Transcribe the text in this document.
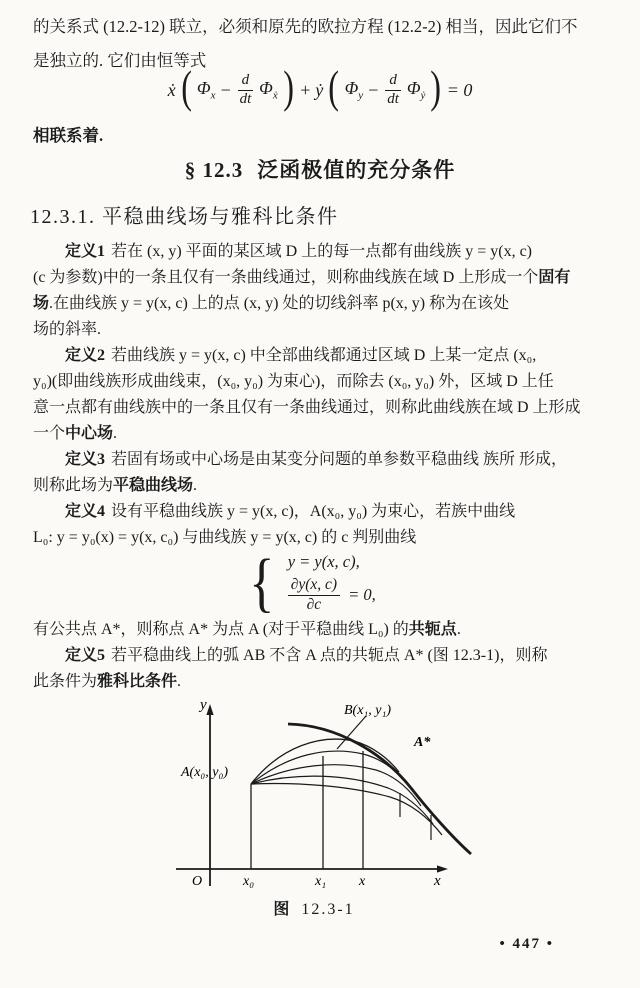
的关系式 (12.2-12) 联立，必须和原先的欧拉方程 (12.2-2) 相当，因此它们不
是独立的. 它们由恒等式
ẋ ( $\Phi_x - \frac{d}{dt} \Phi_ẋ$ ) + ẏ ( $\Phi_y - \frac{d}{dt} \Phi_ẏ$ ) = 0
相联系着.
§ 12.3 泛函极值的充分条件
12.3.1. 平稳曲线场与雅科比条件
定义1 若在 (x, y) 平面的某区域 D 上的每一点都有曲线族 y = y(x, c)
(c 为参数)中的一条且仅有一条曲线通过，则称曲线族在域 D 上形成一个固有
场.在曲线族 y = y(x, c) 上的点 (x, y) 处的切线斜率 p(x, y) 称为在该处
场的斜率.
定义2 若曲线族 y = y(x, c) 中全部曲线都通过区域 D 上某一定点 (x₀,
y₀)(即曲线族形成曲线束，(x₀, y₀) 为束心)，而除去 (x₀, y₀) 外，区域 D 上任
意一点都有曲线族中的一条且仅有一条曲线通过，则称此曲线族在域 D 上形成
一个中心场.
定义3 若固有场或中心场是由某变分问题的单参数平稳曲线 族所 形成，
则称此场为平稳曲线场.
定义4 设有平稳曲线族 y = y(x, c)，A(x₀, y₀) 为束心，若族中曲线
L₀: y = y₀(x) = y(x, c₀) 与曲线族 y = y(x, c) 的 c 判别曲线
{ y = y(x, c),
$\frac{\partial y(x, c)}{\partial c} = 0$,
有公共点 A*，则称点 A* 为点 A (对于平稳曲线 L₀) 的共轭点.
定义5 若平稳曲线上的弧 AB 不含 A 点的共轭点 A* (图 12.3-1)，则称
此条件为雅科比条件.
y
x
O
A(x₀, y₀)
B(x₁, y₁)
A*
x₀	x₁ x
图 12.3-1
• 447 •
